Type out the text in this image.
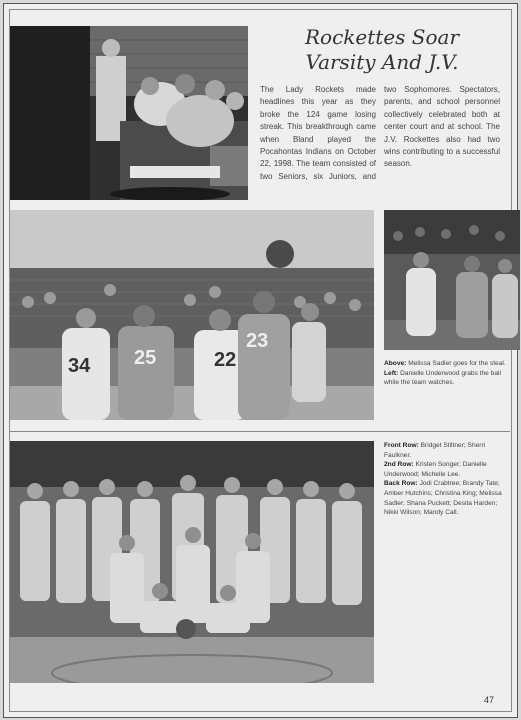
Rockettes Soar
Varsity And J.V.
The Lady Rockets made headlines this year as they broke the 124 game losing streak. This breakthrough came when Bland played the Pocahontas Indians on October 22, 1998. The team consisted of two Seniors, six Juniors, and two Sophomores. Spectators, parents, and school personnel collectively celebrated both at center court and at school. The J.V. Rockettes also had two wins contributing to a successful season.
34 25	22
23
Above: Melissa Sadler goes for the steal.
Left: Danielle Underwood grabs the ball while the team watches.
Front Row: Bridget Stiltner; Sherri Faulkner.
2nd Row: Kristen Songer; Danielle Underwood; Michelle Lee.
Back Row: Jodi Crabtree; Brandy Tate; Amber Hutchins; Christina King; Melissa Sadler; Shana Puckett; Desita Harden; Nikki Wilson; Mandy Call.
47
